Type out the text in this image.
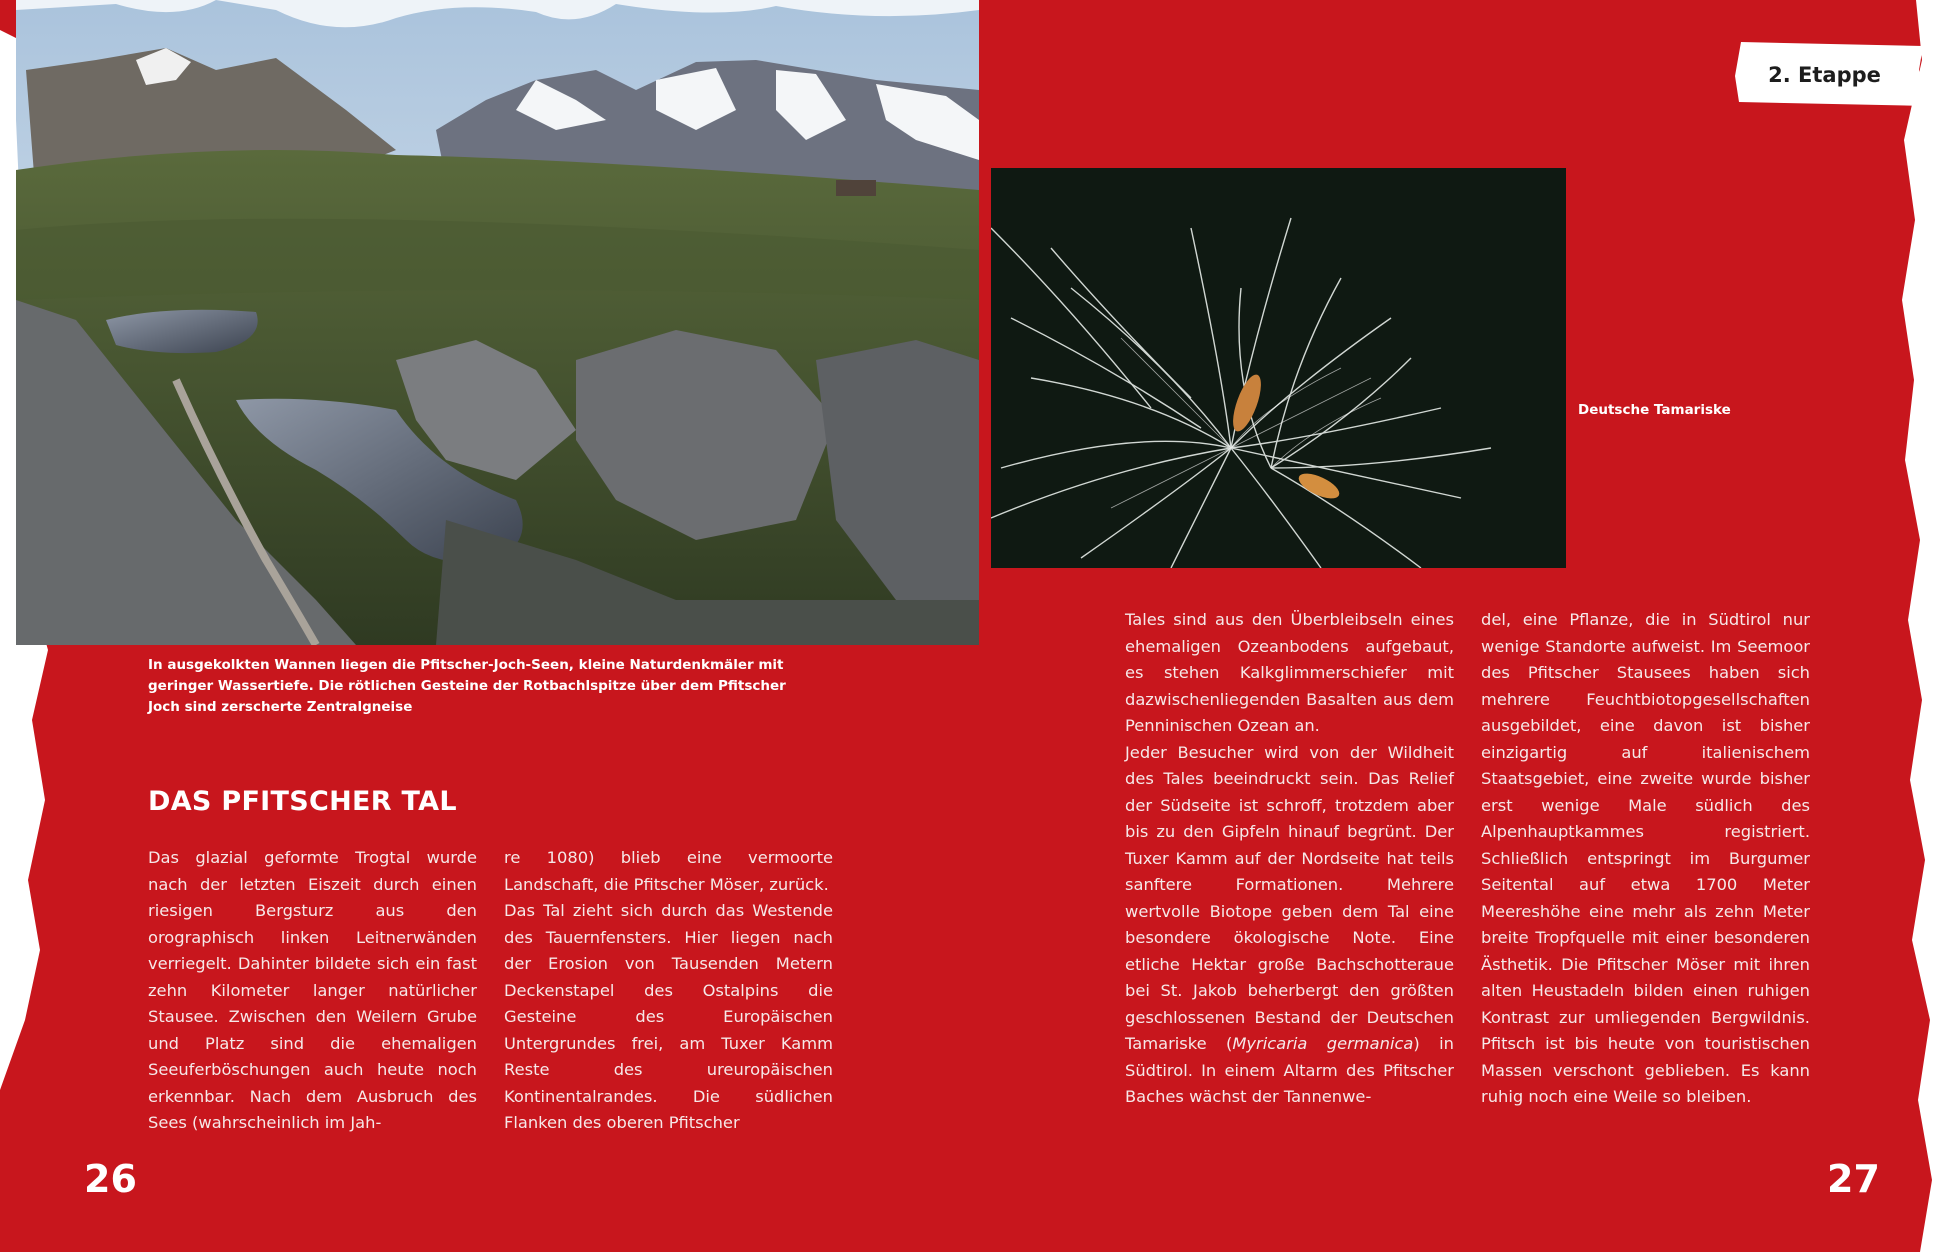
In ausgekolkten Wannen liegen die Pfitscher-Joch-Seen, kleine Naturdenkmäler mit geringer Wassertiefe. Die rötlichen Gesteine der Rotbachlspitze über dem Pfitscher Joch sind zerscherte Zentralgneise

DAS PFITSCHER TAL

Das glazial geformte Trogtal wurde nach der letzten Eiszeit durch einen riesigen Bergsturz aus den orographisch linken Leitnerwänden verriegelt. Dahinter bildete sich ein fast zehn Kilometer langer natürlicher Stausee. Zwischen den Weilern Grube und Platz sind die ehemaligen Seeuferböschungen auch heute noch erkennbar. Nach dem Ausbruch des Sees (wahrscheinlich im Jah-

re 1080) blieb eine vermoorte Landschaft, die Pfitscher Möser, zurück.

Das Tal zieht sich durch das Westende des Tauernfensters. Hier liegen nach der Erosion von Tausenden Metern Deckenstapel des Ostalpins die Gesteine des Europäischen Untergrundes frei, am Tuxer Kamm Reste des ureuropäischen Kontinentalrandes. Die südlichen Flanken des oberen Pfitscher

26

2. Etappe

Deutsche Tamariske

Tales sind aus den Überbleibseln eines ehemaligen Ozeanbodens aufgebaut, es stehen Kalkglimmerschiefer mit dazwischenliegenden Basalten aus dem Penninischen Ozean an.

Jeder Besucher wird von der Wildheit des Tales beeindruckt sein. Das Relief der Südseite ist schroff, trotzdem aber bis zu den Gipfeln hinauf begrünt. Der Tuxer Kamm auf der Nordseite hat teils sanftere Formationen. Mehrere wertvolle Biotope geben dem Tal eine besondere ökologische Note. Eine etliche Hektar große Bachschotteraue bei St. Jakob beherbergt den größten geschlossenen Bestand der Deutschen Tamariske (Myricaria germanica) in Südtirol. In einem Altarm des Pfitscher Baches wächst der Tannenwe-

del, eine Pflanze, die in Südtirol nur wenige Standorte aufweist. Im Seemoor des Pfitscher Stausees haben sich mehrere Feuchtbiotopgesellschaften ausgebildet, eine davon ist bisher einzigartig auf italienischem Staatsgebiet, eine zweite wurde bisher erst wenige Male südlich des Alpenhauptkammes registriert. Schließlich entspringt im Burgumer Seitental auf etwa 1700 Meter Meereshöhe eine mehr als zehn Meter breite Tropfquelle mit einer besonderen Ästhetik. Die Pfitscher Möser mit ihren alten Heustadeln bilden einen ruhigen Kontrast zur umliegenden Bergwildnis. Pfitsch ist bis heute von touristischen Massen verschont geblieben. Es kann ruhig noch eine Weile so bleiben.

27
